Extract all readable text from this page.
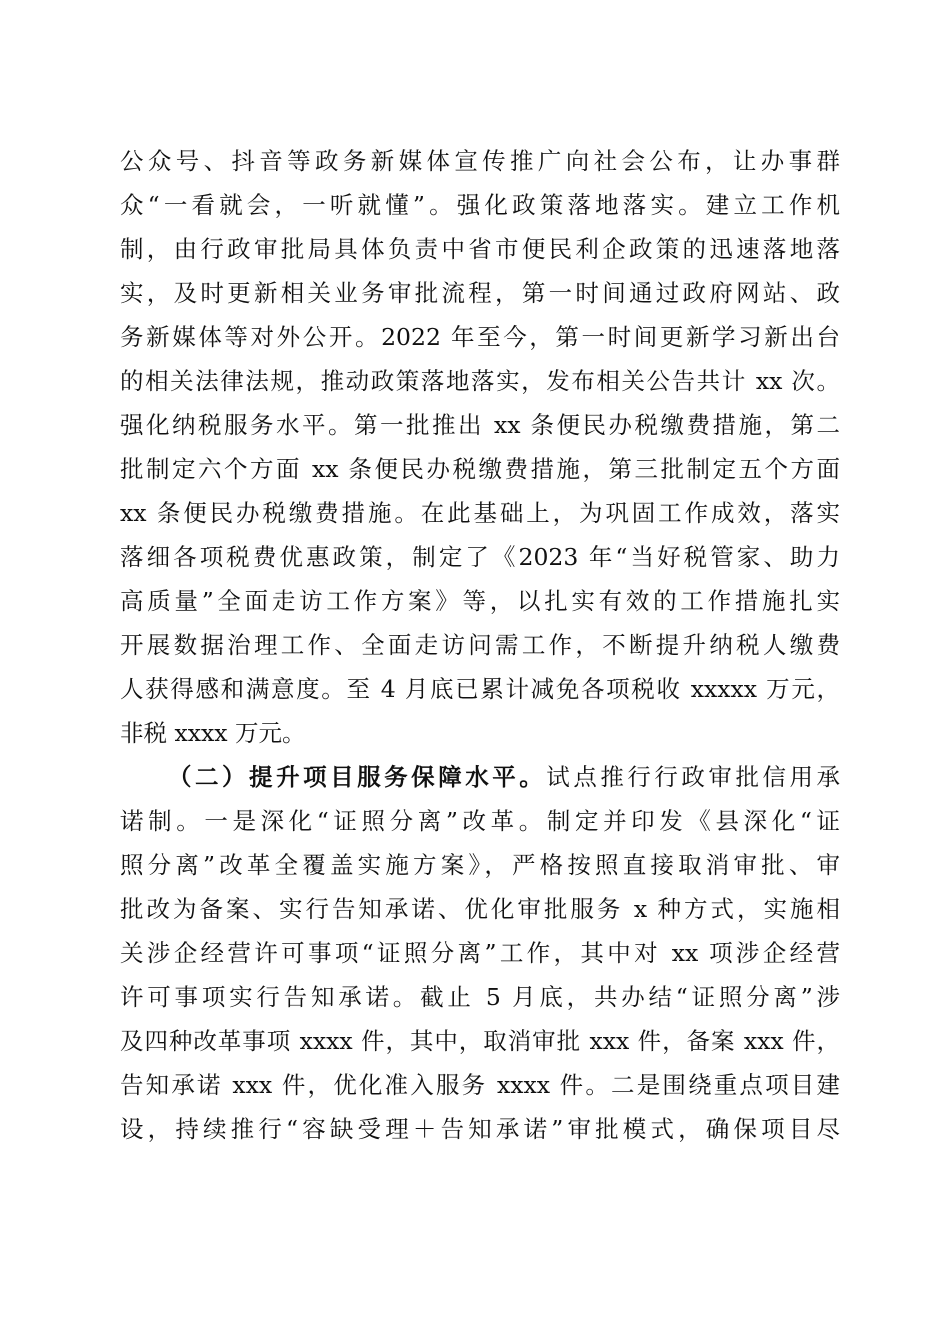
公众号、抖音等政务新媒体宣传推广向社会公布，让办事群
众“一看就会，一听就懂”。强化政策落地落实。建立工作机
制，由行政审批局具体负责中省市便民利企政策的迅速落地落
实，及时更新相关业务审批流程，第一时间通过政府网站、政
务新媒体等对外公开。2022 年至今，第一时间更新学习新出台
的相关法律法规，推动政策落地落实，发布相关公告共计 xx 次。
强化纳税服务水平。第一批推出 xx 条便民办税缴费措施，第二
批制定六个方面 xx 条便民办税缴费措施，第三批制定五个方面
xx 条便民办税缴费措施。在此基础上，为巩固工作成效，落实
落细各项税费优惠政策，制定了《2023 年“当好税管家、助力
高质量”全面走访工作方案》等，以扎实有效的工作措施扎实
开展数据治理工作、全面走访问需工作，不断提升纳税人缴费
人获得感和满意度。至 4 月底已累计减免各项税收 xxxxx 万元，
非税 xxxx 万元。
（二）提升项目服务保障水平。试点推行行政审批信用承
诺制。一是深化“证照分离”改革。制定并印发《县深化“证
照分离”改革全覆盖实施方案》，严格按照直接取消审批、审
批改为备案、实行告知承诺、优化审批服务 x 种方式，实施相
关涉企经营许可事项“证照分离”工作，其中对 xx 项涉企经营
许可事项实行告知承诺。截止 5 月底，共办结“证照分离”涉
及四种改革事项 xxxx 件，其中，取消审批 xxx 件，备案 xxx 件，
告知承诺 xxx 件，优化准入服务 xxxx 件。二是围绕重点项目建
设，持续推行“容缺受理＋告知承诺”审批模式，确保项目尽
